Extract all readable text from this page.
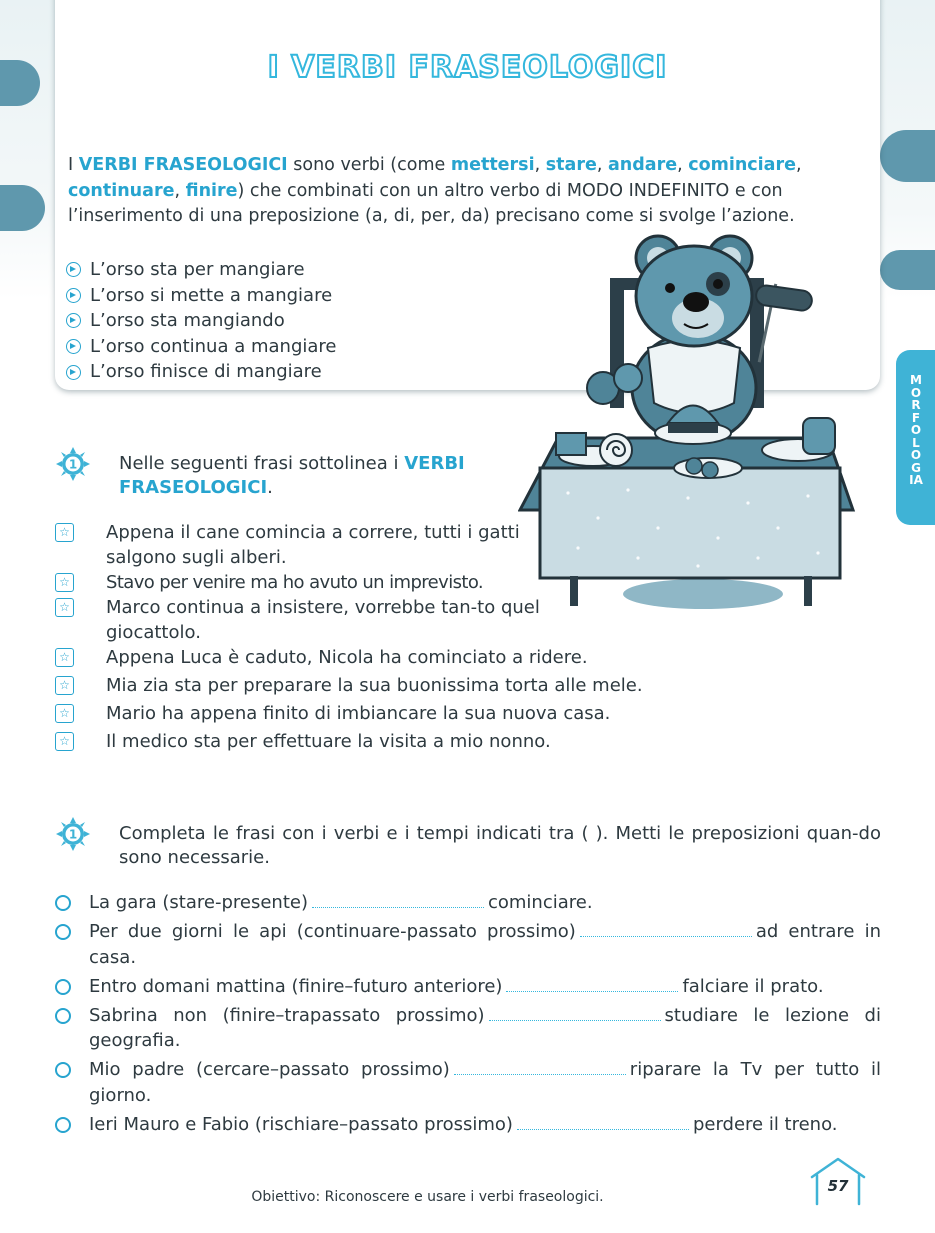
I VERBI FRASEOLOGICI
I VERBI FRASEOLOGICI sono verbi (come mettersi, stare, andare, cominciare, continuare, finire) che combinati con un altro verbo di MODO INDEFINITO e con l’inserimento di una preposizione (a, di, per, da) precisano come si svolge l’azione.
L’orso sta per mangiare
L’orso si mette a mangiare
L’orso sta mangiando
L’orso continua a mangiare
L’orso finisce di mangiare	MORFOLOGIA
1 Nelle seguenti frasi sottolinea i VERBI FRASEOLOGICI.
☆ Appena il cane comincia a correre, tutti i gatti salgono sugli alberi.
☆ Stavo per venire ma ho avuto un imprevisto.
☆ Marco continua a insistere, vorrebbe tan-to quel giocattolo.
☆ Appena Luca è caduto, Nicola ha cominciato a ridere.
☆ Mia zia sta per preparare la sua buonissima torta alle mele.
☆ Mario ha appena finito di imbiancare la sua nuova casa.
☆ Il medico sta per effettuare la visita a mio nonno.
1 Completa le frasi con i verbi e i tempi indicati tra ( ). Metti le preposizioni quan-do sono necessarie.
La gara (stare-presente)	cominciare.
Per due giorni le api (continuare-passato prossimo)	ad entrare in casa.
Entro domani mattina (finire–futuro anteriore)	falciare il prato.
Sabrina non (finire–trapassato prossimo)	studiare le lezione di geografia.
Mio padre (cercare–passato prossimo)	riparare la Tv per tutto il giorno.
Ieri Mauro e Fabio (rischiare–passato prossimo)	perdere il treno.
Obiettivo: Riconoscere e usare i verbi fraseologici.
57
